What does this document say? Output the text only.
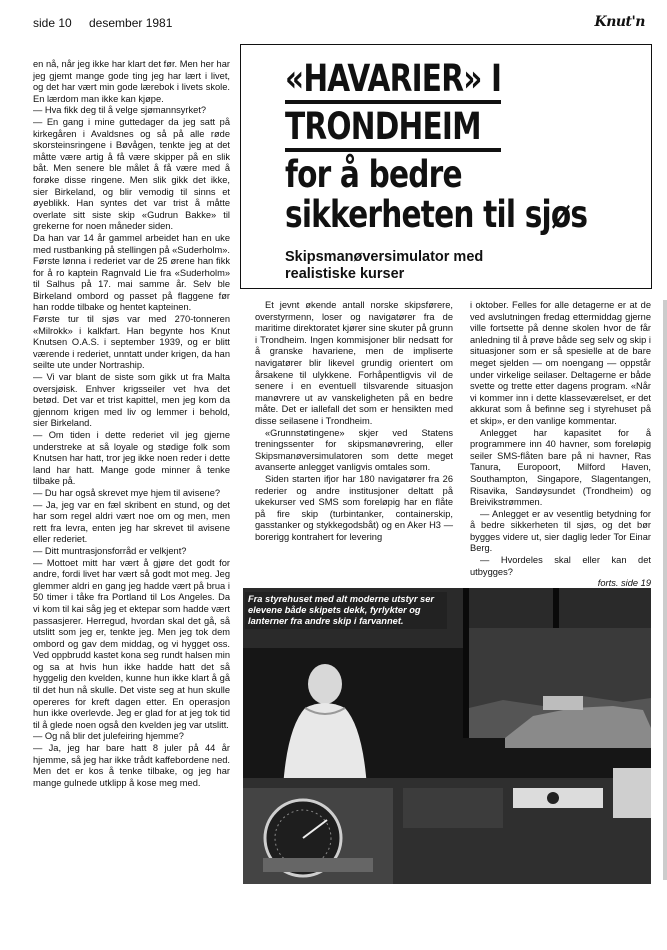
side 10 desember 1981	Knut'n

en nå, når jeg ikke har klart det før. Men her har jeg gjemt mange gode ting jeg har lært i livet, og det har vært min gode lærebok i livets skole. En lærdom man ikke kan kjøpe.

— Hva fikk deg til å velge sjømannsyrket?

— En gang i mine guttedager da jeg satt på kirkegåren i Avaldsnes og så på alle røde skorsteinsringene i Bøvågen, tenkte jeg at det måtte være artig å få være skipper på en slik båt. Men senere ble målet å få være med å forøke disse ringene. Men slik gikk det ikke, sier Birkeland, og blir vemodig til sinns et øyeblikk. Han syntes det var trist å måtte overlate sitt siste skip «Gudrun Bakke» til grekerne for noen måneder siden.

Da han var 14 år gammel arbeidet han en uke med rustbanking på stellingen på «Suderholm». Første lønna i rederiet var de 25 ørene han fikk for å ro kaptein Ragnvald Lie fra «Suderholm» til Salhus på 17. mai samme år. Selv ble Birkeland ombord og passet på flaggene før han rodde tilbake og hentet kapteinen.

Første tur til sjøs var med 270-tonneren «Milrokk» i kalkfart. Han begynte hos Knut Knutsen O.A.S. i september 1939, og er blitt værende i rederiet, unntatt under krigen, da han seilte ute under Nortraship.

— Vi var blant de siste som gikk ut fra Malta oversjøisk. Enhver krigsseiler vet hva det betød. Det var et trist kapittel, men jeg kom da gjennom krigen med liv og lemmer i behold, sier Birkeland.

— Om tiden i dette rederiet vil jeg gjerne understreke at så loyale og stødige folk som Knutsen har hatt, tror jeg ikke noen reder i dette land har hatt. Mange gode minner å tenke tilbake på.

— Du har også skrevet mye hjem til avisene?

— Ja, jeg var en fæl skribent en stund, og det har som regel aldri vært noe om og men, men rett fra levra, enten jeg har skrevet til avisene eller rederiet.

— Ditt muntrasjonsforråd er velkjent?

— Mottoet mitt har vært å gjøre det godt for andre, fordi livet har vært så godt mot meg. Jeg glemmer aldri en gang jeg hadde vært på brua i 50 timer i tåke fra Portland til Los Angeles. Da vi kom til kai såg jeg et ektepar som hadde vært passasjerer. Herregud, hvordan skal det gå, så utslitt som jeg er, tenkte jeg. Men jeg tok dem ombord og gav dem middag, og vi hygget oss. Ved oppbrudd kastet kona seg rundt halsen min og sa at hvis hun ikke hadde hatt det så hyggelig den kvelden, kunne hun ikke klart å gå til det hun nå skulle. Det viste seg at hun skulle opereres for kreft dagen etter. En operasjon hun ikke overlevde. Jeg er glad for at jeg tok tid til å glede noen også den kvelden jeg var utslitt.

— Og nå blir det julefeiring hjemme?

— Ja, jeg har bare hatt 8 juler på 44 år hjemme, så jeg har ikke trådt kaffebordene ned. Men det er kos å tenke tilbake, og jeg har mange gulnede utklipp å kose meg med.

«HAVARIER» I
TRONDHEIM
for å bedre
sikkerheten til sjøs
Skipsmanøversimulator med realistiske kurser

Et jevnt økende antall norske skipsførere, overstyrmenn, loser og navigatører fra de maritime direktoratet kjører sine skuter på grunn i Trondheim. Ingen kommisjoner blir nedsatt for å granske havariene, men de impliserte navigatører blir likevel grundig orientert om årsakene til ulykkene. Forhåpentligvis vil de senere i en eventuell tilsvarende situasjon manøvrere ut av vanskeligheten på en bedre måte. Det er iallefall det som er hensikten med disse seilasene i Trondheim.

«Grunnstøtingene» skjer ved Statens treningssenter for skipsmanøvrering, eller Skipsmanøversimulatoren som dette meget avanserte anlegget vanligvis omtales som.

Siden starten ifjor har 180 navigatører fra 26 rederier og andre institusjoner deltatt på ukekurser ved SMS som foreløpig har en flåte på fire skip (turbintanker, containerskip, gasstanker og stykkegodsbåt) og en Aker H3 — borerigg kontrahert for levering

i oktober. Felles for alle detagerne er at de ved avslutningen fredag ettermiddag gjerne ville fortsette på denne skolen hvor de får anledning til å prøve både seg selv og skip i situasjoner som er så spesielle at de bare meget sjelden — om noengang — oppstår under virkelige seilaser. Deltagerne er både svette og trette etter dagens program. «Når vi kommer inn i dette klasseværelset, er det akkurat som å befinne seg i styrehuset på et skip», er den vanlige kommentar.

Anlegget har kapasitet for å programmere inn 40 havner, som foreløpig seiler SMS-flåten bare på ni havner, Ras Tanura, Europoort, Milford Haven, Southampton, Singapore, Slagentangen, Risavika, Sandøysundet (Trondheim) og Breivikstrømmen.

— Anlegget er av vesentlig betydning for å bedre sikkerheten til sjøs, og det bør bygges videre ut, sier daglig leder Tor Einar Berg.

— Hvordeles skal eller kan det utbygges?

forts. side 19

Fra styrehuset med alt moderne utstyr ser elevene både skipets dekk, fyrlykter og lanterner fra andre skip i farvannet.
